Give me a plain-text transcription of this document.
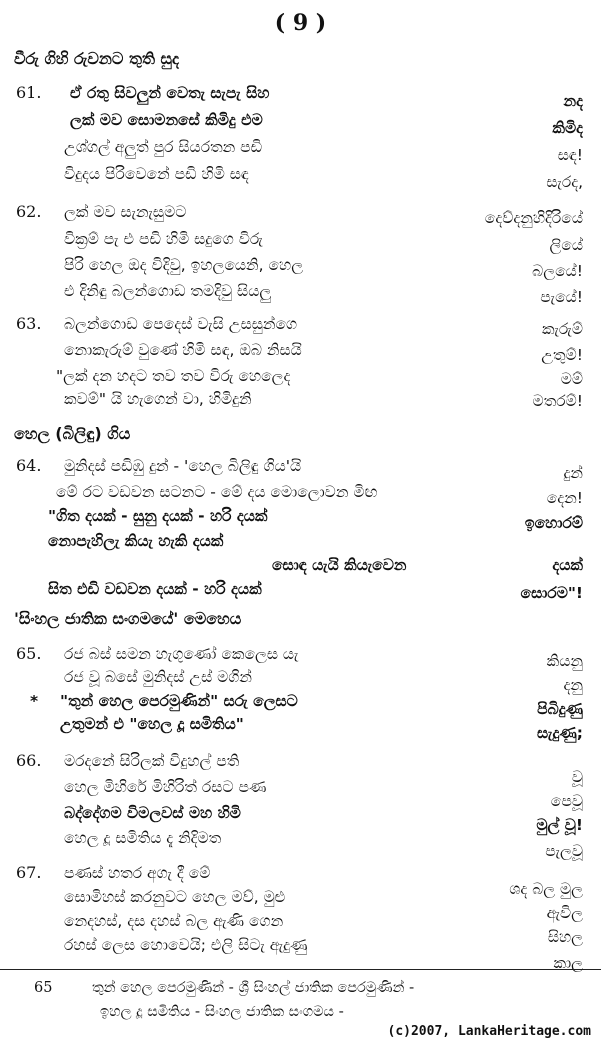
( 9 )
වීරු ගිහි රුවනට තුති සුද
61. ඒ රතු සිවලුන් වෙතැ සැපැ සිහ
ලක් මව සොමනසේ කිමිදු එම
උශ්ගල් අලුත් පුර සියරතන පඩි
විදුදය පිරිවෙනේ පඩි හිමි සඳ
නද
කිමිද
සඳ!
සැරද,
62. ලක් මව සැනැසුමට
වික්‍රම් පැ එ පඩි හිමි සදුගෙ විරු
පිරි හෙල ඔද විදිවු, ඉහලයෙනි, හෙල
එ දිනිඳු බලන්ගොඩ තමදිවු සියලු
දෙව්දනුහිදිරියේ
ලියේ
බලයේ!
පැයේ!
63. බලන්ගොඩ පෙදෙස් වැසි උසසුන්ගෙ
නොකැරුම් වුණේ හිමි සඳ, ඔබ නිසයි
"ලක් දන හදට තව තව විරු හෙලෙද
කවම්" යි හැගෙන් වා, හිමිදුනි
කැරුම්
උතුම්!
මම්
මතරම්!
හෙල (බිලිඳු) ගිය
64. මුනිදස් පඩිඹු දුන් - 'හෙල බිලිඳු ගිය'යි
මේ රට වඩවන සටනට - මේ දය මොලොවන මිඟ
"ගිත දයක් - සුනු දයක් - හරි දයක්
නොපැහිලැ කියැ හැකි දයක්
සොඳ යැයි කියැවෙන
සිත එඩි වඩවන දයක් - හරි දයක්
දුන්
දෙන!
ඉහොරම්
දයක්
සොරම"!
'සිංහල ජාතික සංගමයේ' මෙහෙය
65. රජ බස් සමන හැගුණෝ කෙලෙස යැ
රජ වූ බසේ මුනිදස් උස් මගින්
* "තුන් හෙල පෙරමුණින්" සරු ලෙසට
උතුමන් එ "හෙල දූ සමිතිය"
කියනු
දනු
පිබිදුණු
සැදුණු;
66. මරදනේ සිරිලක් විදුහල් පති
හෙල මිහිරේ මිහිරිත් රසට පණ
බද්දේගම විමලවස් මහ හිමි
හෙල දූ සමිතිය දැ නිදිමත
වූ
පෙවූ
මුල් වූ!
පැලවූ
67. පණස් හතර අගැ දී මේ
සොමිහස් කරනුවට හෙල මව්, මුළු
නෙදහස්, දස දහස් බල ඇණි ගෙන
රහස් ලෙස හොවෙයි; එලි සිටැ ඇදුණු
ශද බල මුල
ඇවිල
සිහල
කාල
65	තුන් හෙල පෙරමුණින් - ශ්‍රී සිංහල් ජාතික පෙරමුණින් -
ඉහල දූ සමිතිය - සිංහල ජාතික සංගමය -
(c)2007, LankaHeritage.com
